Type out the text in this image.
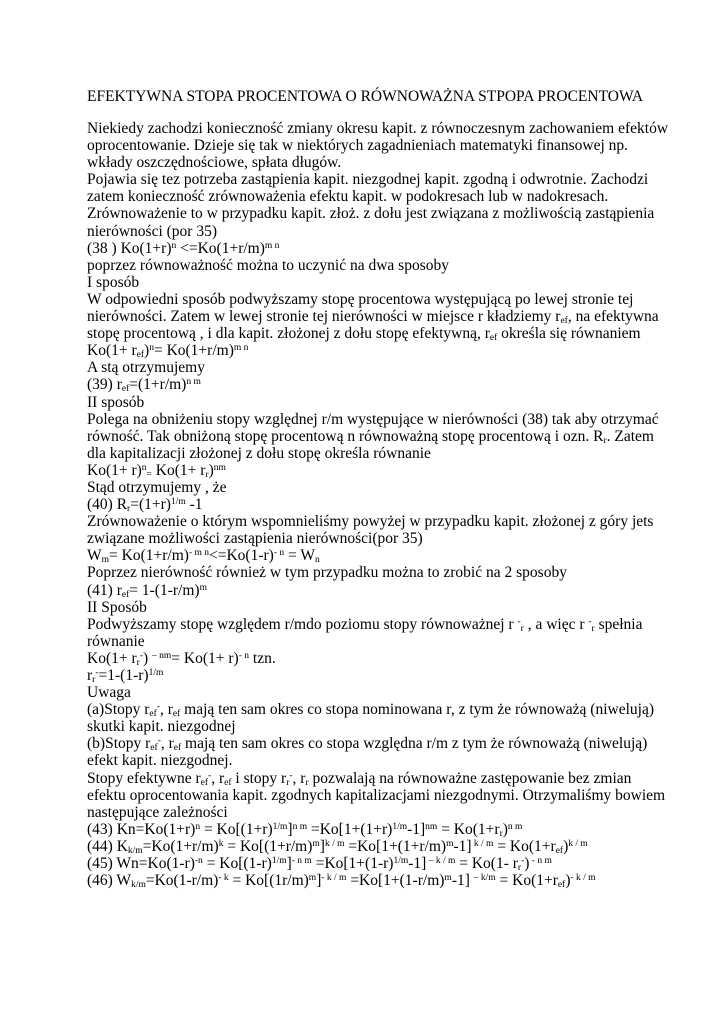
EFEKTYWNA STOPA PROCENTOWA O RÓWNOWAŻNA STPOPA PROCENTOWA
Niekiedy zachodzi konieczność zmiany okresu kapit. z równoczesnym zachowaniem efektów
oprocentowanie. Dzieje się tak w niektórych zagadnieniach matematyki finansowej np.
wkłady oszczędnościowe, spłata długów.
Pojawia się tez potrzeba zastąpienia kapit. niezgodnej kapit. zgodną i odwrotnie. Zachodzi
zatem konieczność zrównoważenia efektu kapit. w podokresach lub w nadokresach.
Zrównoważenie to w przypadku kapit. złoż. z dołu jest związana z możliwością zastąpienia
nierówności (por 35)
(38 ) $Ko(1+r)^n <=Ko(1+r/m)^{m n}$
poprzez równoważność można to uczynić na dwa sposoby
I sposób
W odpowiedni sposób podwyższamy stopę procentowa występującą po lewej stronie tej
nierówności. Zatem w lewej stronie tej nierówności w miejsce r kładziemy $r_{ef}$, na efektywna
stopę procentową , i dla kapit. złożonej z dołu stopę efektywną, $r_{ef}$ określa się równaniem
$Ko(1+ r_{ef})^n= Ko(1+r/m)^{m n}$
A stą otrzymujemy
(39) $r_{ef}=(1+r/m)^{n m}$
II sposób
Polega na obniżeniu stopy względnej r/m występujące w nierówności (38) tak aby otrzymać
równość. Tak obniżoną stopę procentową n równoważną stopę procentową i ozn. $R_r$. Zatem
dla kapitalizacji złożonej z dołu stopę określa równanie
$Ko(1+ r)^n_=$ $Ko(1+ r_r)^{nm}$
Stąd otrzymujemy , że
(40) $R_r=(1+r)^{1/m}$ -1
Zrównoważenie o którym wspomnieliśmy powyżej w przypadku kapit. złożonej z góry jets
związane możliwości zastąpienia nierówności(por 35)
$W_m= Ko(1+r/m)^{- m n}<=Ko(1-r)^{- n} = W_n$
Poprzez nierówność również w tym przypadku można to zrobić na 2 sposoby
(41) $r_{ef}= 1-(1-r/m)^m$
II Sposób
Podwyższamy stopę względem r/mdo poziomu stopy równoważnej r -$_r$ , a więc r -$_r$ spełnia
równanie
$Ko(1+ r_r^-)$ $^{- nm}= Ko(1+ r)^{- n}$ tzn.
$r_r^-=1-(1-r)^{1/m}$
Uwaga
(a)Stopy $r_{ef}^-$, $r_{ef}$ mają ten sam okres co stopa nominowana r, z tym że równoważą (niwelują)
skutki kapit. niezgodnej
(b)Stopy $r_{ef}^-$, $r_{ef}$ mają ten sam okres co stopa względna r/m z tym że równoważą (niwelują)
efekt kapit. niezgodnej.
Stopy efektywne $r_{ef}^-$, $r_{ef}$ i stopy $r_r^-$, $r_r$ pozwalają na równoważne zastępowanie bez zmian
efektu oprocentowania kapit. zgodnych kapitalizacjami niezgodnymi. Otrzymaliśmy bowiem
następujące zależności
(43) $Kn=Ko(1+r)^n = Ko[(1+r)^{1/m}]^{n m} =Ko[1+(1+r)^{1/m}-1]^{nm} = Ko(1+r_r)^{n m}$
(44) $K_{k/m}=Ko(1+r/m)^k = Ko[(1+r/m)^m]^{k / m} =Ko[1+(1+r/m)^m-1] ^{k / m} = Ko(1+r_{ef})^{k / m}$
(45) $Wn=Ko(1-r)^{-n} = Ko[(1-r)^{1/m}]^{- n m} =Ko[1+(1-r)^{1/m}-1] ^{- k / m} = Ko(1-$ $r_r^-$) $^{- n m}$
(46) $W_{k/m}=Ko(1-r/m)^{- k} = Ko[(1r/m)^m]^{- k / m} =Ko[1+(1-r/m)^m-1] ^{- k/m} = Ko(1+r_{ef})^{- k / m}$
